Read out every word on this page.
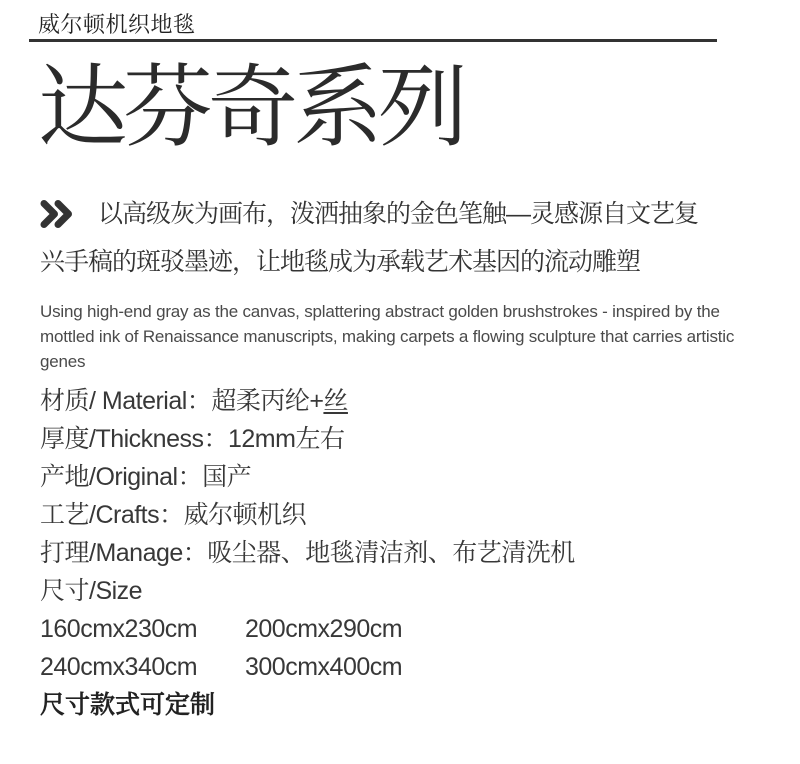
威尔顿机织地毯
达芬奇系列
以高级灰为画布，泼洒抽象的金色笔触—灵感源自文艺复
兴手稿的斑驳墨迹，让地毯成为承载艺术基因的流动雕塑
Using high-end gray as the canvas, splattering abstract golden brushstrokes - inspired by the
mottled ink of Renaissance manuscripts, making carpets a flowing sculpture that carries artistic
genes
材质/ Material：超柔丙纶+丝
厚度/Thickness：12mm左右
产地/Original：国产
工艺/Crafts：威尔顿机织
打理/Manage：吸尘器、地毯清洁剂、布艺清洗机
尺寸/Size
160cmx230cm	200cmx290cm
240cmx340cm	300cmx400cm
尺寸款式可定制
